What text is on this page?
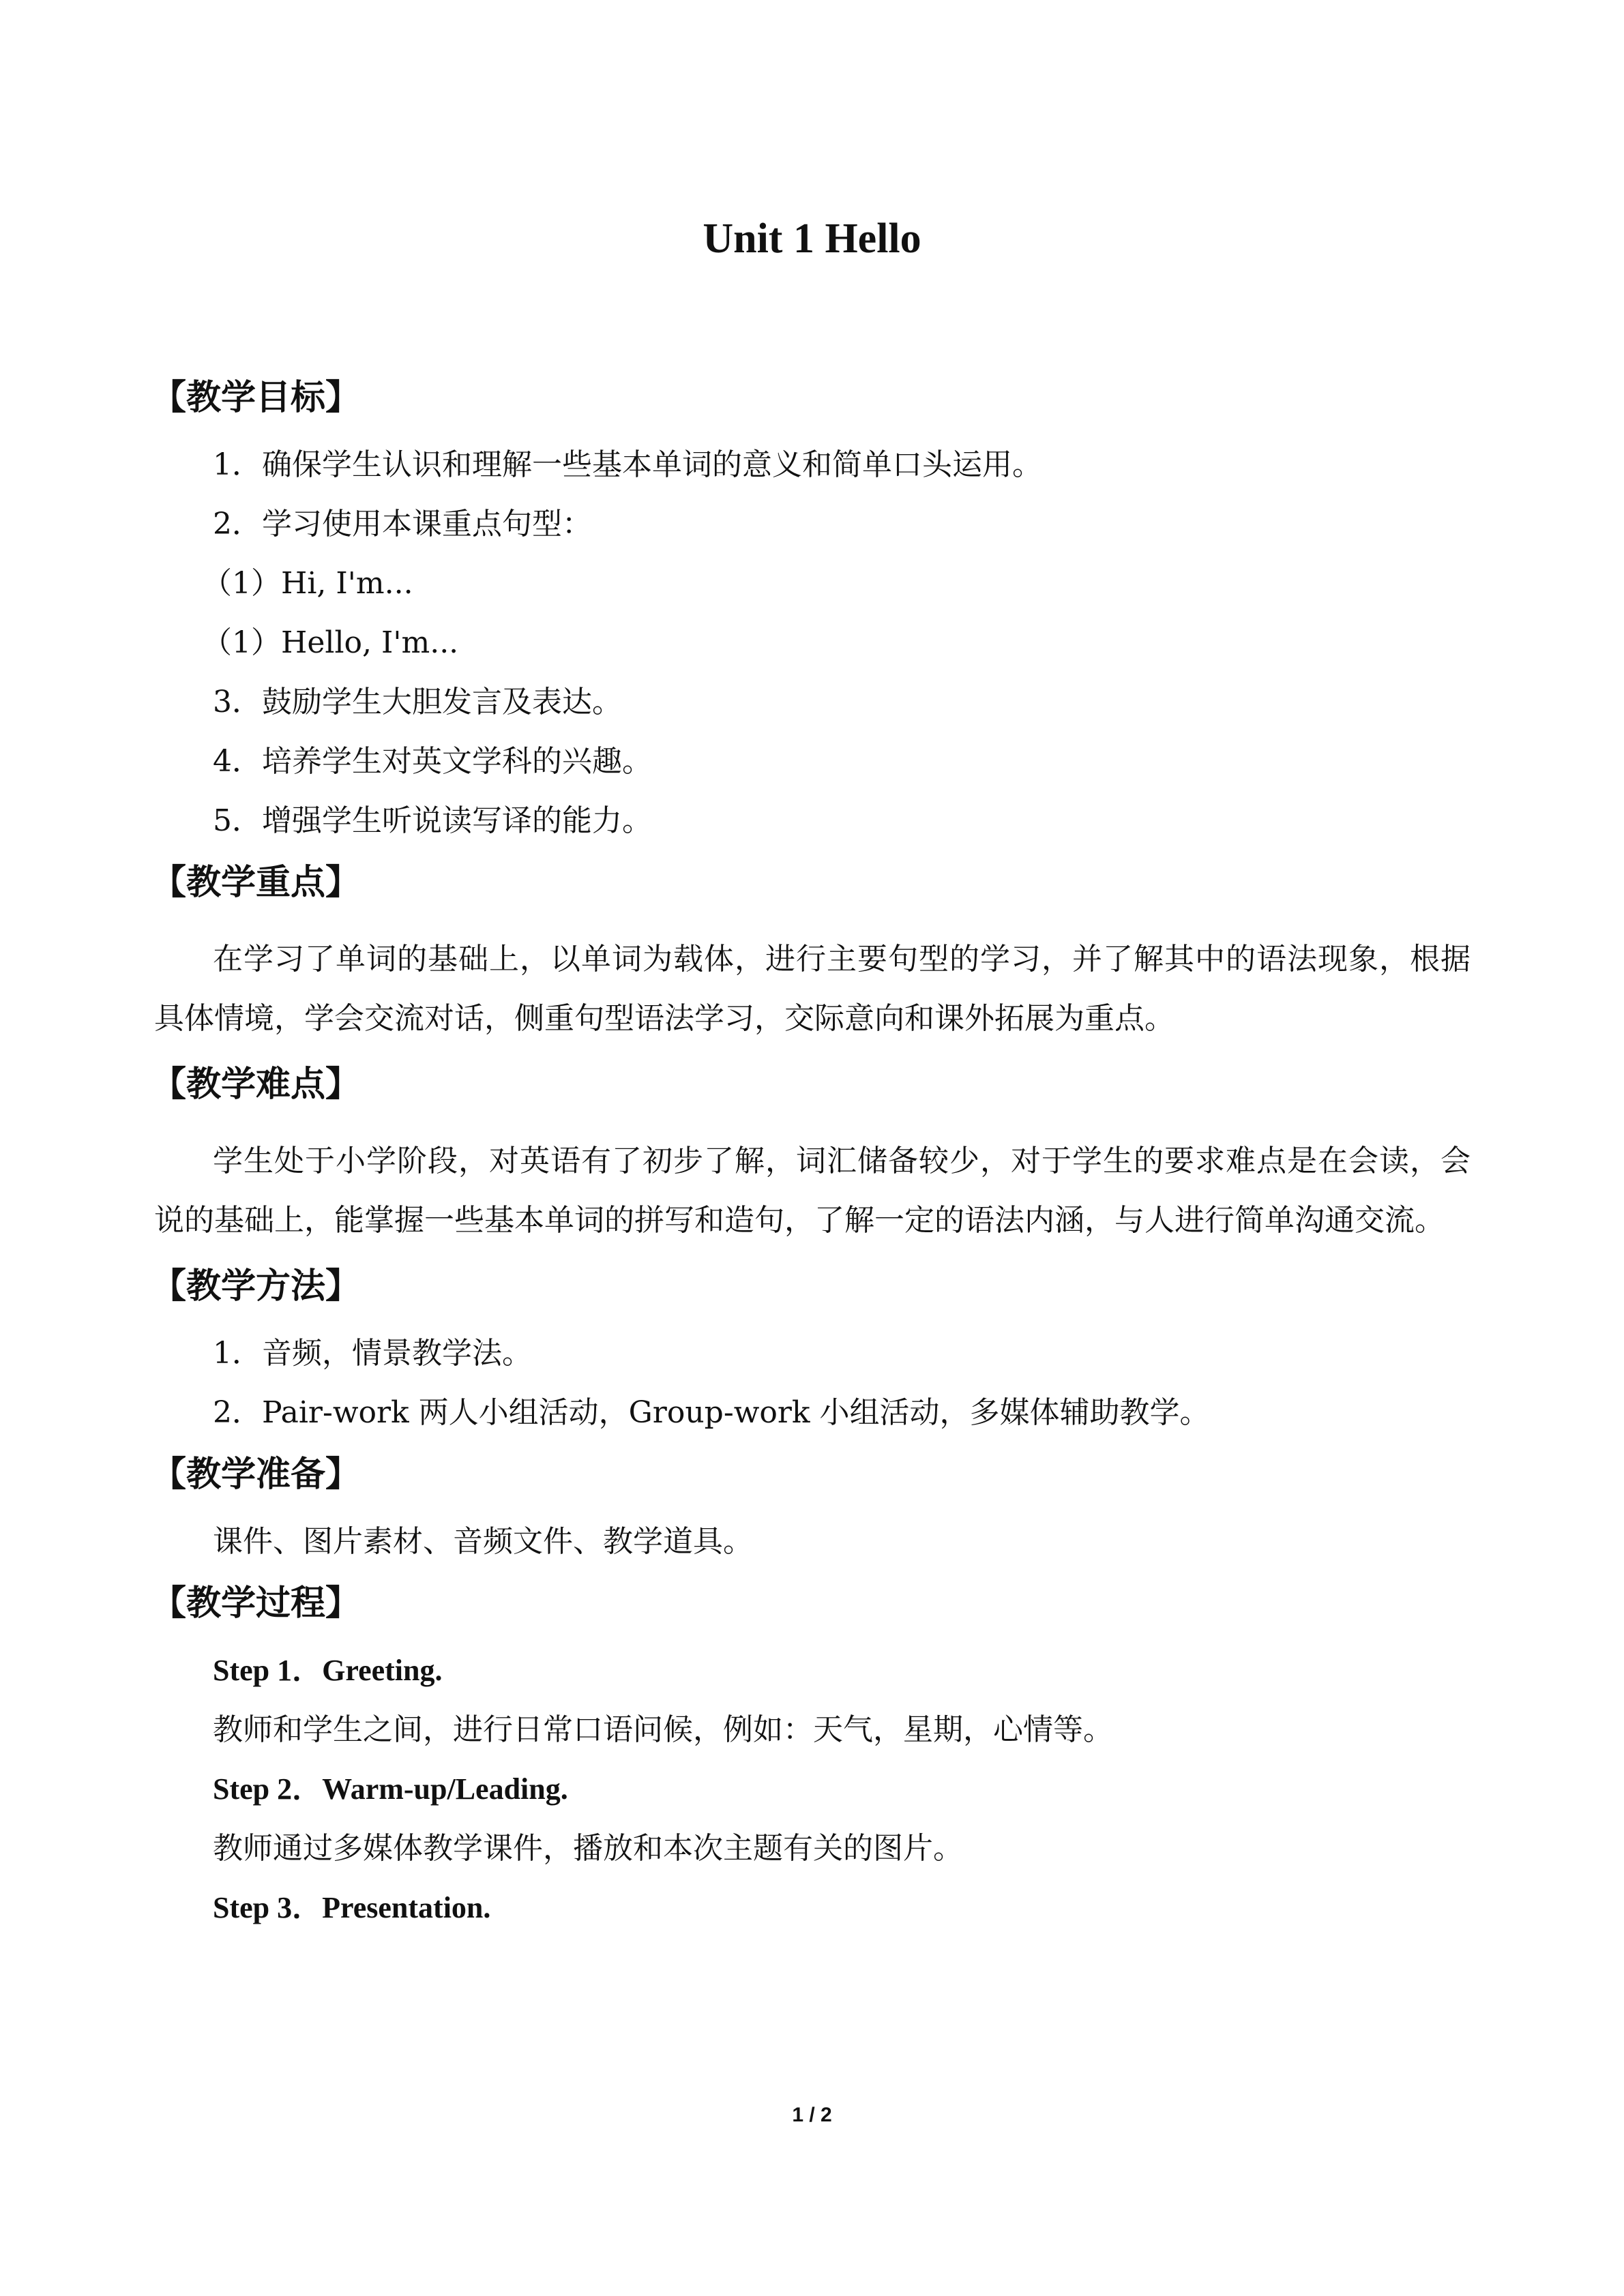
Unit 1 Hello
【教学目标】
1．确保学生认识和理解一些基本单词的意义和简单口头运用。
2．学习使用本课重点句型：
（1）Hi, I'm...
（1）Hello, I'm...
3．鼓励学生大胆发言及表达。
4．培养学生对英文学科的兴趣。
5．增强学生听说读写译的能力。
【教学重点】
在学习了单词的基础上，以单词为载体，进行主要句型的学习，并了解其中的语法现象，根据具体情境，学会交流对话，侧重句型语法学习，交际意向和课外拓展为重点。
【教学难点】
学生处于小学阶段，对英语有了初步了解，词汇储备较少，对于学生的要求难点是在会读，会说的基础上，能掌握一些基本单词的拼写和造句，了解一定的语法内涵，与人进行简单沟通交流。
【教学方法】
1．音频，情景教学法。
2．Pair-work 两人小组活动，Group-work 小组活动，多媒体辅助教学。
【教学准备】
课件、图片素材、音频文件、教学道具。
【教学过程】
Step 1．Greeting.
教师和学生之间，进行日常口语问候，例如：天气，星期，心情等。
Step 2．Warm-up/Leading.
教师通过多媒体教学课件，播放和本次主题有关的图片。
Step 3．Presentation.
1 / 2
